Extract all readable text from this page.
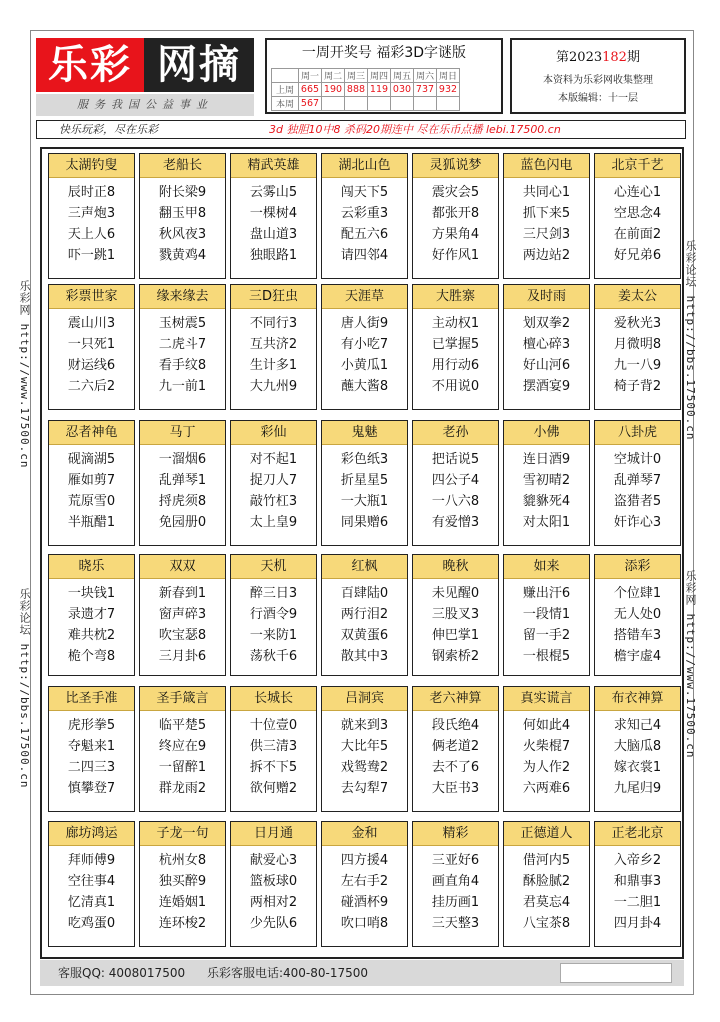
乐彩 网摘
服务我国公益事业
一周开奖号 福彩3D字谜版
	周一	周二	周三	周四	周五	周六	周日
上周	665	190	888	119	030	737	932
本周	567						
第2023182期
本资料为乐彩网收集整理
本版编辑：十一层
快乐玩彩，尽在乐彩	3d 独胆10中8 杀码20期连中 尽在乐币点播 lebi.17500.cn
乐彩网 http://www.17500.cn
乐彩论坛 http://bbs.17500.cn
乐彩论坛 http://bbs.17500.cn
乐彩网 http://www.17500.cn
太湖钓叟
辰时正8
三声炮3
天上人6
吓一跳1
老船长
附长梁9
翻玉甲8
秋风夜3
戮黄鸡4
精武英雄
云雾山5
一棵树4
盘山道3
独眼路1
湖北山色
闯天下5
云彩重3
配五六6
请四邻4
灵狐说梦
震灾会5
都张开8
方果角4
好作风1
蓝色闪电
共同心1
抓下来5
三尺剑3
两边站2
北京千艺
心连心1
空思念4
在前面2
好兄弟6
彩票世家
震山川3
一只死1
财运线6
二六后2
缘来缘去
玉树震5
二虎斗7
看手纹8
九一前1
三D狂虫
不同行3
互共济2
生计多1
大九州9
天涯草
唐人街9
有小吃7
小黄瓜1
蘸大酱8
大胜寨
主动权1
已掌握5
用行动6
不用说0
及时雨
划双拳2
檀心碎3
好山河6
摆酒宴9
姜太公
爱秋光3
月微明8
九一八9
椅子背2
忍者神龟
砚滴湖5
雁如剪7
荒原雪0
半瓶醋1
马丁
一溜烟6
乱弹琴1
捋虎须8
免园册0
彩仙
对不起1
捉刀人7
敲竹杠3
太上皇9
鬼魅
彩色纸3
折星星5
一大瓶1
同果赠6
老孙
把话说5
四公子4
一八六8
有爱憎3
小佛
连日酒9
雪初晴2
貔貅死4
对太阳1
八卦虎
空城计0
乱弹琴7
盗猎者5
奸诈心3
晓乐
一块钱1
录遗才7
难共枕2
桅个弯8
双双
新春到1
窗声碎3
吹宝瑟8
三月卦6
天机
醉三日3
行酒令9
一来防1
荡秋千6
红枫
百肆陆0
两行泪2
双黄蛋6
散其中3
晚秋
未见醒0
三股叉3
伸巴掌1
钢索桥2
如来
赚出汗6
一段情1
留一手2
一根棍5
添彩
个位肆1
无人处0
搭错车3
檐宇虚4
比圣手准
虎形拳5
夺魁来1
二四三3
慎攀登7
圣手箴言
临平楚5
终应在9
一留醉1
群龙雨2
长城长
十位壹0
供三清3
拆不下5
欲何赠2
吕洞宾
就来到3
大比年5
戏鸳鸯2
去勾犁7
老六神算
段氏绝4
俩老道2
去不了6
大臣书3
真实谎言
何如此4
火柴棍7
为人作2
六两难6
布衣神算
求知己4
大脑瓜8
嫁衣裳1
九尾归9
廊坊鸿运
拜师傅9
空往事4
忆清真1
吃鸡蛋0
子龙一句
杭州女8
独买醉9
连婚姻1
连环梭2
日月通
献爱心3
篮板球0
两相对2
少先队6
金和
四方援4
左右手2
碰酒杯9
吹口哨8
精彩
三亚好6
画直角4
挂历画1
三天整3
正德道人
借河内5
酥脸腻2
君莫忘4
八宝茶8
正老北京
入帝乡2
和鼎事3
一二胆1
四月卦4
客服QQ: 4008017500 乐彩客服电话:400-80-17500
